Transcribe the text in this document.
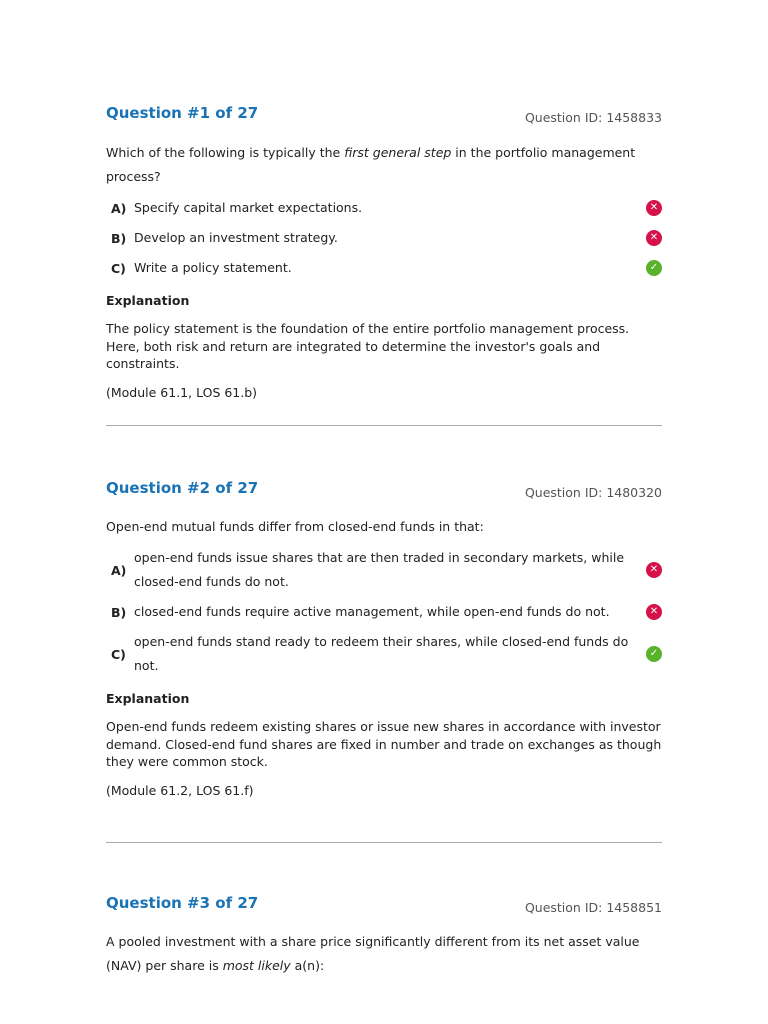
Question #1 of 27	Question ID: 1458833
Which of the following is typically the first general step in the portfolio management process?
A) Specify capital market expectations.	✕
B) Develop an investment strategy.	✕
C) Write a policy statement.	✓
Explanation
The policy statement is the foundation of the entire portfolio management process. Here, both risk and return are integrated to determine the investor's goals and constraints.
(Module 61.1, LOS 61.b)
Question #2 of 27	Question ID: 1480320
Open-end mutual funds differ from closed-end funds in that:
A)
open-end funds issue shares that are then traded in secondary markets, while closed-end funds do not.
✕
B) closed-end funds require active management, while open-end funds do not.	✕
C)
open-end funds stand ready to redeem their shares, while closed-end funds do not.
✓
Explanation
Open-end funds redeem existing shares or issue new shares in accordance with investor demand. Closed-end fund shares are fixed in number and trade on exchanges as though they were common stock.
(Module 61.2, LOS 61.f)
Question #3 of 27	Question ID: 1458851
A pooled investment with a share price significantly different from its net asset value (NAV) per share is most likely a(n):
